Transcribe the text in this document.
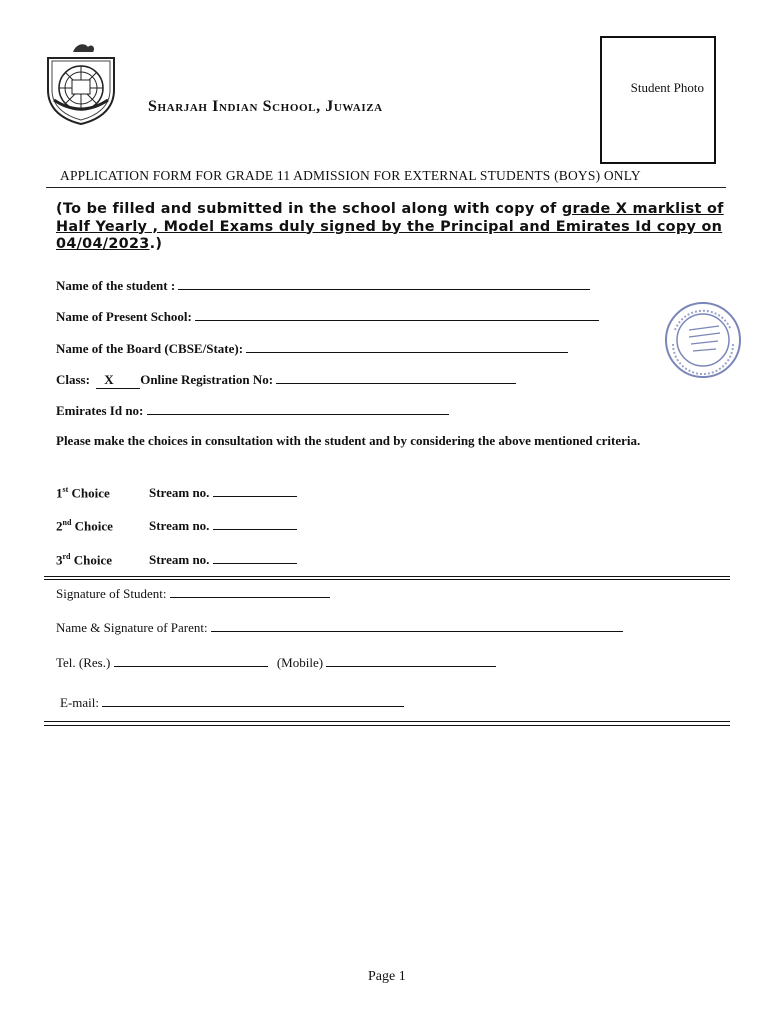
Sharjah Indian School, Juwaiza
Student Photo
APPLICATION FORM FOR GRADE 11 ADMISSION FOR EXTERNAL STUDENTS (BOYS) ONLY
(To be filled and submitted in the school along with copy of grade X marklist of Half Yearly , Model Exams duly signed by the Principal and Emirates Id copy on 04/04/2023.)
Name of the student :
Name of Present School:
Name of the Board (CBSE/State):
Class: X Online Registration No:
Emirates Id no:
Please make the choices in consultation with the student and by considering the above mentioned criteria.
1st Choice	Stream no.
2nd Choice	Stream no.
3rd Choice	Stream no.
Signature of Student:
Name & Signature of Parent:
Tel. (Res.)	(Mobile)
E-mail:
Page 1
